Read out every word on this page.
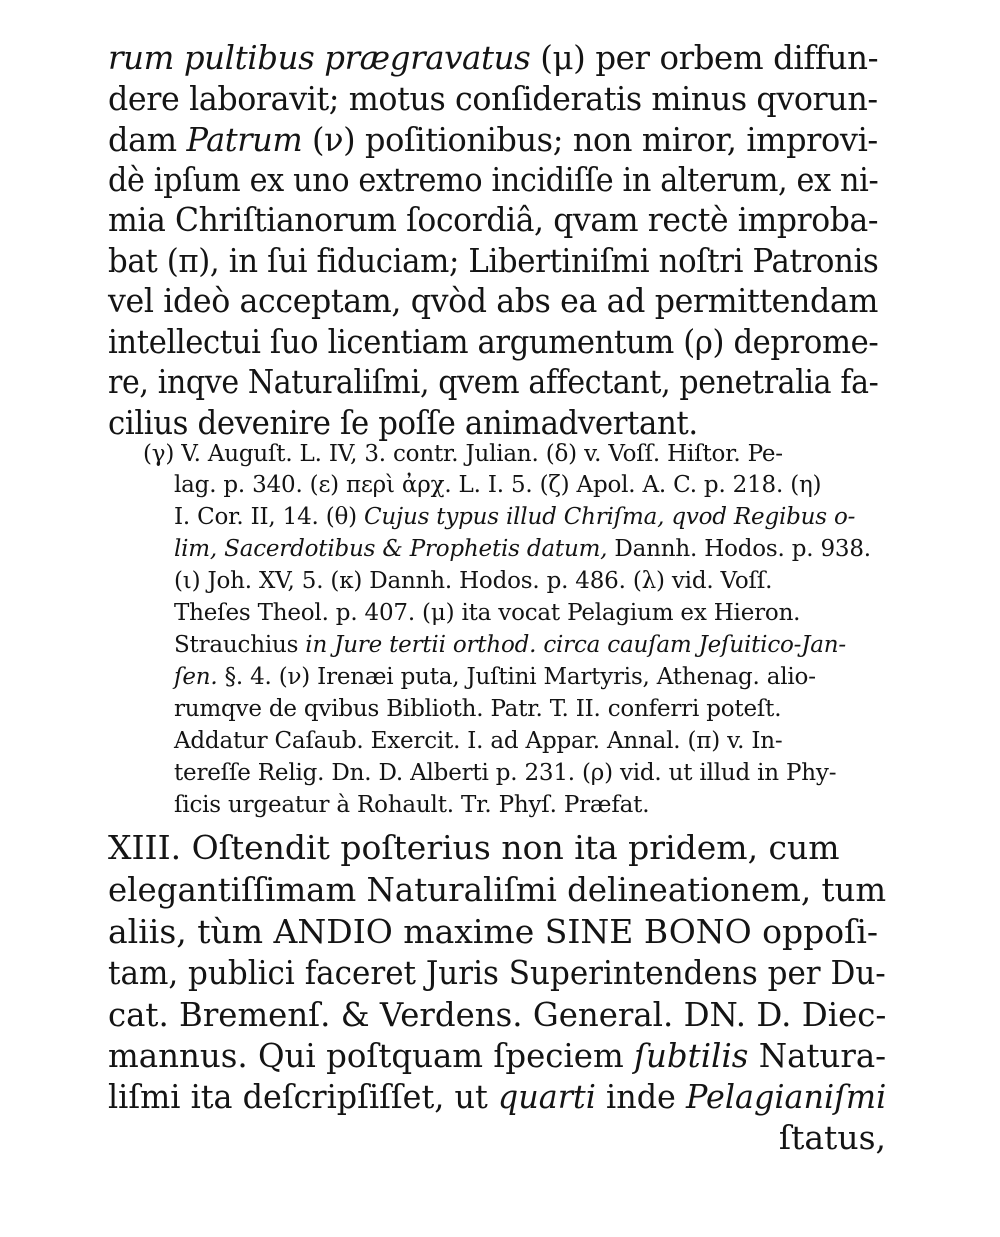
rum pultibus prægravatus (μ) per orbem diffun-
dere laboravit; motus conſideratis minus qvorun-
dam Patrum (ν) poſitionibus; non miror, improvi-
dè ipſum ex uno extremo incidiſſe in alterum, ex ni-
mia Chriſtianorum ſocordiâ, qvam rectè improba-
bat (π), in ſui fiduciam; Libertiniſmi noſtri Patronis
vel ideò acceptam, qvòd abs ea ad permittendam
intellectui ſuo licentiam argumentum (ρ) deprome-
re, inqve Naturaliſmi, qvem affectant, penetralia fa-
cilius devenire ſe poſſe animadvertant.
(γ) V. Auguſt. L. IV, 3. contr. Julian. (δ) v. Voſſ. Hiſtor. Pe-
lag. p. 340. (ε) περὶ ἀρχ. L. I. 5. (ζ) Apol. A. C. p. 218. (η)
I. Cor. II, 14. (θ) Cujus typus illud Chriſma, qvod Regibus o-
lim, Sacerdotibus & Prophetis datum, Dannh. Hodos. p. 938.
(ι) Joh. XV, 5. (κ) Dannh. Hodos. p. 486. (λ) vid. Voſſ.
Theſes Theol. p. 407. (μ) ita vocat Pelagium ex Hieron.
Strauchius in Jure tertii orthod. circa cauſam Jeſuitico-Jan-
ſen. §. 4. (ν) Irenæi puta, Juſtini Martyris, Athenag. alio-
rumqve de qvibus Biblioth. Patr. T. II. conferri poteſt.
Addatur Caſaub. Exercit. I. ad Appar. Annal. (π) v. In-
tereſſe Relig. Dn. D. Alberti p. 231. (ρ) vid. ut illud in Phy-
ſicis urgeatur à Rohault. Tr. Phyſ. Præfat.
XIII. Oſtendit poſterius non ita pridem, cum
elegantiſſimam Naturaliſmi delineationem, tum
aliis, tùm ANDIO maxime SINE BONO oppoſi-
tam, publici faceret Juris Superintendens per Du-
cat. Bremenſ. & Verdens. General. DN. D. Diec-
mannus. Qui poſtquam ſpeciem ſubtilis Natura-
liſmi ita deſcripſiſſet, ut quarti inde Pelagianiſmi
ſtatus,
